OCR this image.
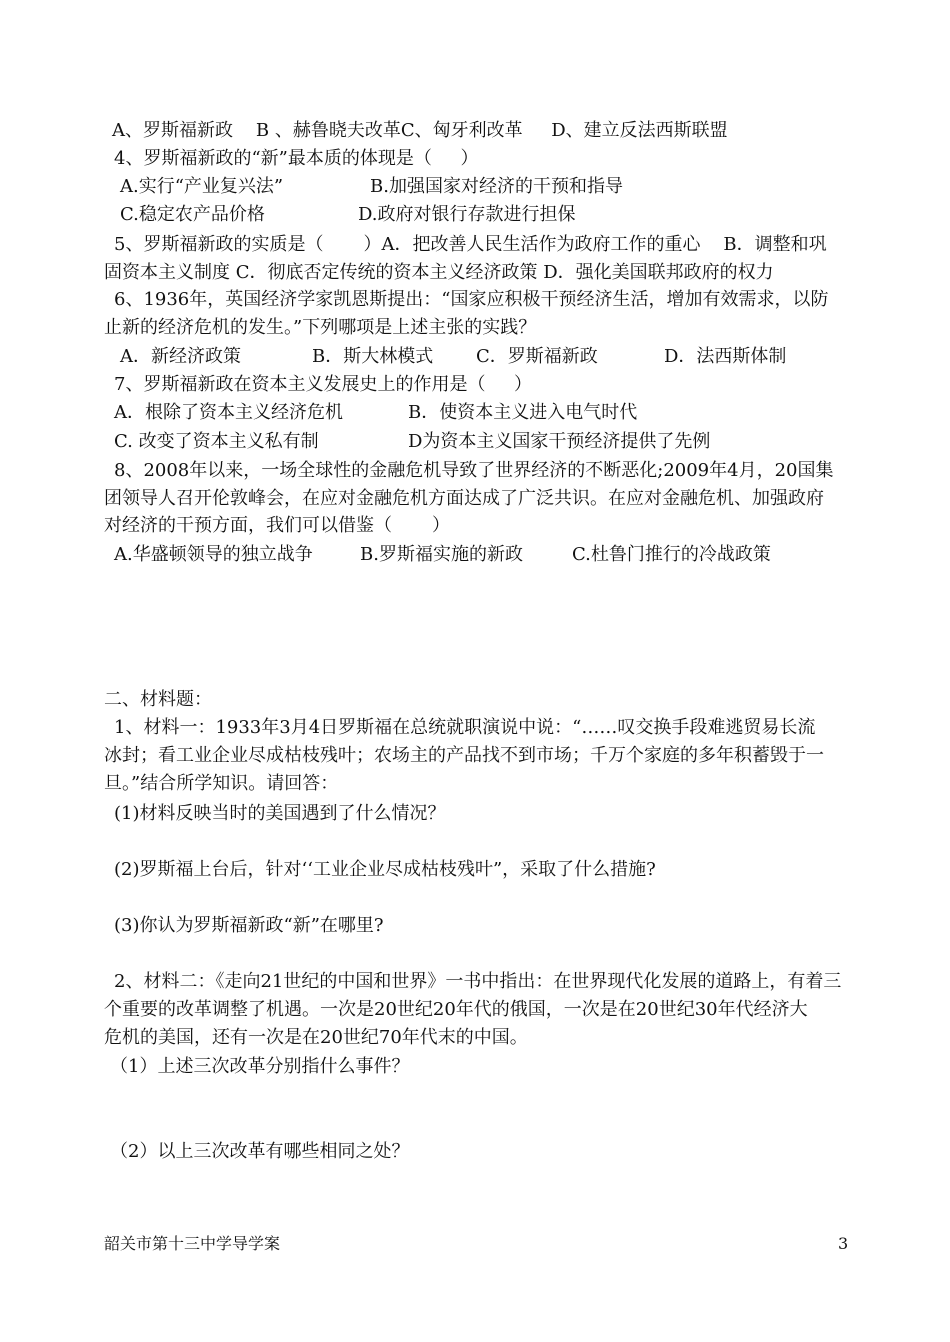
A、罗斯福新政    B 、赫鲁晓夫改革C、匈牙利改革     D、建立反法西斯联盟
4、罗斯福新政的“新”最本质的体现是（     ）
A.实行“产业复兴法”	B.加强国家对经济的干预和指导
C.稳定农产品价格	D.政府对银行存款进行担保
5、罗斯福新政的实质是（       ）A．把改善人民生活作为政府工作的重心    B．调整和巩
固资本主义制度 C．彻底否定传统的资本主义经济政策 D．强化美国联邦政府的权力
6、1936年，英国经济学家凯恩斯提出：“国家应积极干预经济生活，增加有效需求，以防
止新的经济危机的发生。”下列哪项是上述主张的实践？
A．新经济政策	B．斯大林模式 C．罗斯福新政	D．法西斯体制
7、罗斯福新政在资本主义发展史上的作用是（     ）
A．根除了资本主义经济危机	B．使资本主义进入电气时代
C. 改变了资本主义私有制	D为资本主义国家干预经济提供了先例
8、2008年以来，一场全球性的金融危机导致了世界经济的不断恶化;2009年4月，20国集
团领导人召开伦敦峰会，在应对金融危机方面达成了广泛共识。在应对金融危机、加强政府
对经济的干预方面，我们可以借鉴（       ）
A.华盛顿领导的独立战争	B.罗斯福实施的新政	C.杜鲁门推行的冷战政策
二、材料题：
1、材料一：1933年3月4日罗斯福在总统就职演说中说：“……叹交换手段难逃贸易长流
冰封；看工业企业尽成枯枝残叶；农场主的产品找不到市场；千万个家庭的多年积蓄毁于一
旦。”结合所学知识。请回答：
(1)材料反映当时的美国遇到了什么情况？
(2)罗斯福上台后，针对‘‘工业企业尽成枯枝残叶”，采取了什么措施?
(3)你认为罗斯福新政“新”在哪里?
2、材料二：《走向21世纪的中国和世界》一书中指出：在世界现代化发展的道路上，有着三
个重要的改革调整了机遇。一次是20世纪20年代的俄国，一次是在20世纪30年代经济大
危机的美国，还有一次是在20世纪70年代末的中国。
（1）上述三次改革分别指什么事件？
（2）以上三次改革有哪些相同之处？
韶关市第十三中学导学案	3
